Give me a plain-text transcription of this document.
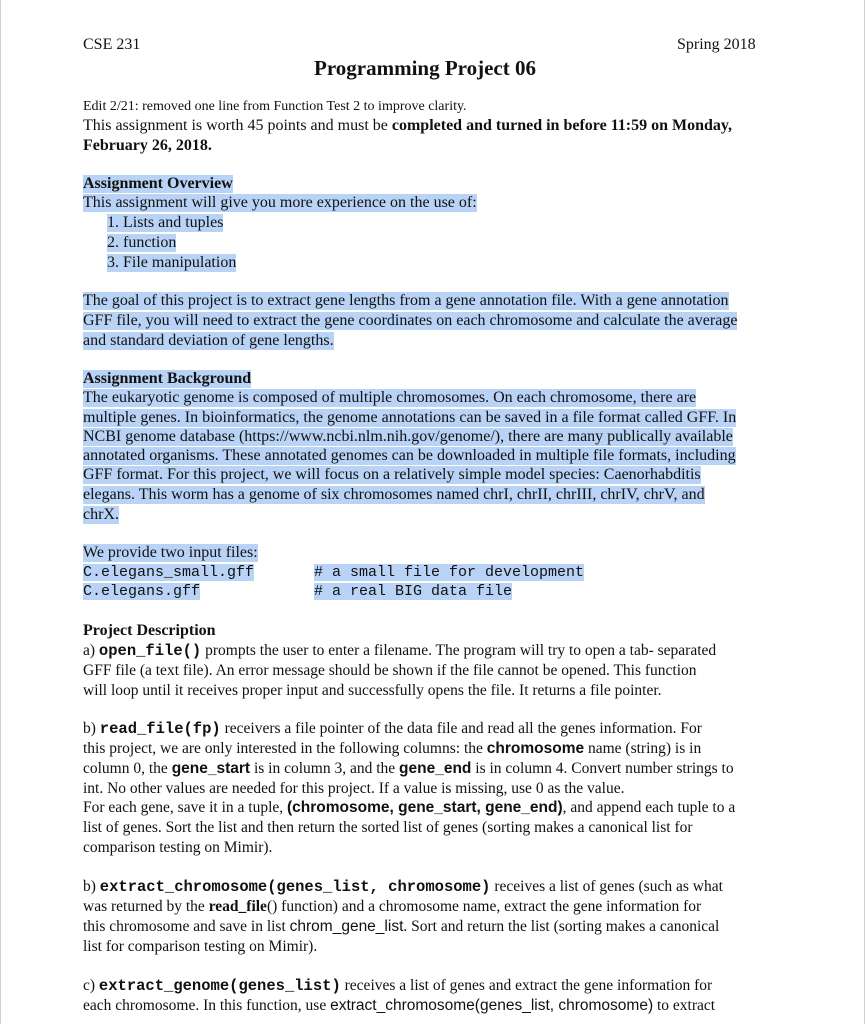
CSE 231	Spring 2018
Programming Project 06
Edit 2/21: removed one line from Function Test 2 to improve clarity.
This assignment is worth 45 points and must be completed and turned in before 11:59 on Monday,
February 26, 2018.
Assignment Overview
This assignment will give you more experience on the use of:
1. Lists and tuples
2. function
3. File manipulation
The goal of this project is to extract gene lengths from a gene annotation file. With a gene annotation
GFF file, you will need to extract the gene coordinates on each chromosome and calculate the average
and standard deviation of gene lengths.
Assignment Background
The eukaryotic genome is composed of multiple chromosomes. On each chromosome, there are
multiple genes. In bioinformatics, the genome annotations can be saved in a file format called GFF. In
NCBI genome database (https://www.ncbi.nlm.nih.gov/genome/), there are many publically available
annotated organisms. These annotated genomes can be downloaded in multiple file formats, including
GFF format. For this project, we will focus on a relatively simple model species: Caenorhabditis
elegans. This worm has a genome of six chromosomes named chrI, chrII, chrIII, chrIV, chrV, and
chrX.
We provide two input files:
C.elegans_small.gff	# a small file for development
C.elegans.gff	# a real BIG data file
Project Description
a) open_file() prompts the user to enter a filename. The program will try to open a tab- separated
GFF file (a text file). An error message should be shown if the file cannot be opened. This function
will loop until it receives proper input and successfully opens the file. It returns a file pointer.
b) read_file(fp) receivers a file pointer of the data file and read all the genes information. For
this project, we are only interested in the following columns: the chromosome name (string) is in
column 0, the gene_start is in column 3, and the gene_end is in column 4. Convert number strings to
int. No other values are needed for this project. If a value is missing, use 0 as the value.
For each gene, save it in a tuple, (chromosome, gene_start, gene_end), and append each tuple to a
list of genes. Sort the list and then return the sorted list of genes (sorting makes a canonical list for
comparison testing on Mimir).
b) extract_chromosome(genes_list, chromosome) receives a list of genes (such as what
was returned by the read_file() function) and a chromosome name, extract the gene information for
this chromosome and save in list chrom_gene_list. Sort and return the list (sorting makes a canonical
list for comparison testing on Mimir).
c) extract_genome(genes_list) receives a list of genes and extract the gene information for
each chromosome. In this function, use extract_chromosome(genes_list, chromosome) to extract
